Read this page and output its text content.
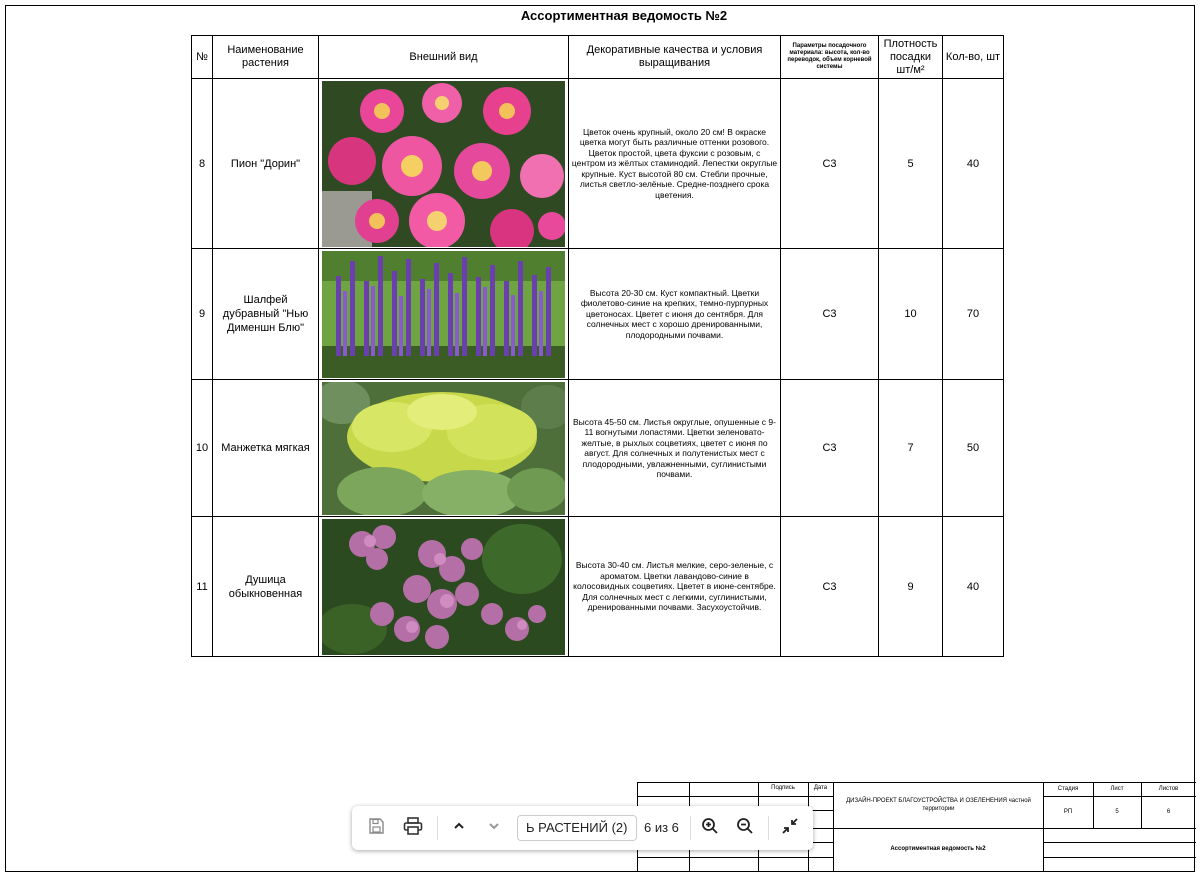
Ассортиментная ведомость №2
№	Наименование растения	Внешний вид	Декоративные качества и условия выращивания	Параметры посадочного материала: высота, кол-во переводок, объем корневой системы	Плотность посадки шт/м²	Кол-во, шт
8	Пион "Дорин"		Цветок очень крупный, около 20 см! В окраске цветка могут быть различные оттенки розового. Цветок простой, цвета фуксии с розовым, с центром из жёлтых стаминодий. Лепестки округлые крупные. Куст высотой 80 см. Стебли прочные, листья светло-зелёные. Средне-позднего срока цветения.	С3	5	40
9	Шалфей дубравный "Нью Дименшн Блю"		Высота 20-30 см. Куст компактный. Цветки фиолетово-синие на крепких, темно-пурпурных цветоносах. Цветет с июня до сентября. Для солнечных мест с хорошо дренированными, плодородными почвами.	С3	10	70
10	Манжетка мягкая		Высота 45-50 см. Листья округлые, опушенные с 9-11 вогнутыми лопастями. Цветки зеленовато-желтые, в рыхлых соцветиях, цветет с июня по август. Для солнечных и полутенистых мест с плодородными, увлажненными, суглинистыми почвами.	С3	7	50
11	Душица обыкновенная		Высота 30-40 см. Листья мелкие, серо-зеленые, с ароматом. Цветки лавандово-синие в колосовидных соцветиях. Цветет в июне-сентябре. Для солнечных мест с легкими, суглинистыми, дренированными почвами. Засухоустойчив.	С3	9	40
Подпись	Дата
ДИЗАЙН-ПРОЕКТ БЛАГОУСТРОЙСТВА И ОЗЕЛЕНЕНИЯ частной территории
Ассортиментная ведомость №2
Стадия	Лист	Листов
РП	5	6
Ь РАСТЕНИЙ (2)	6 из 6
